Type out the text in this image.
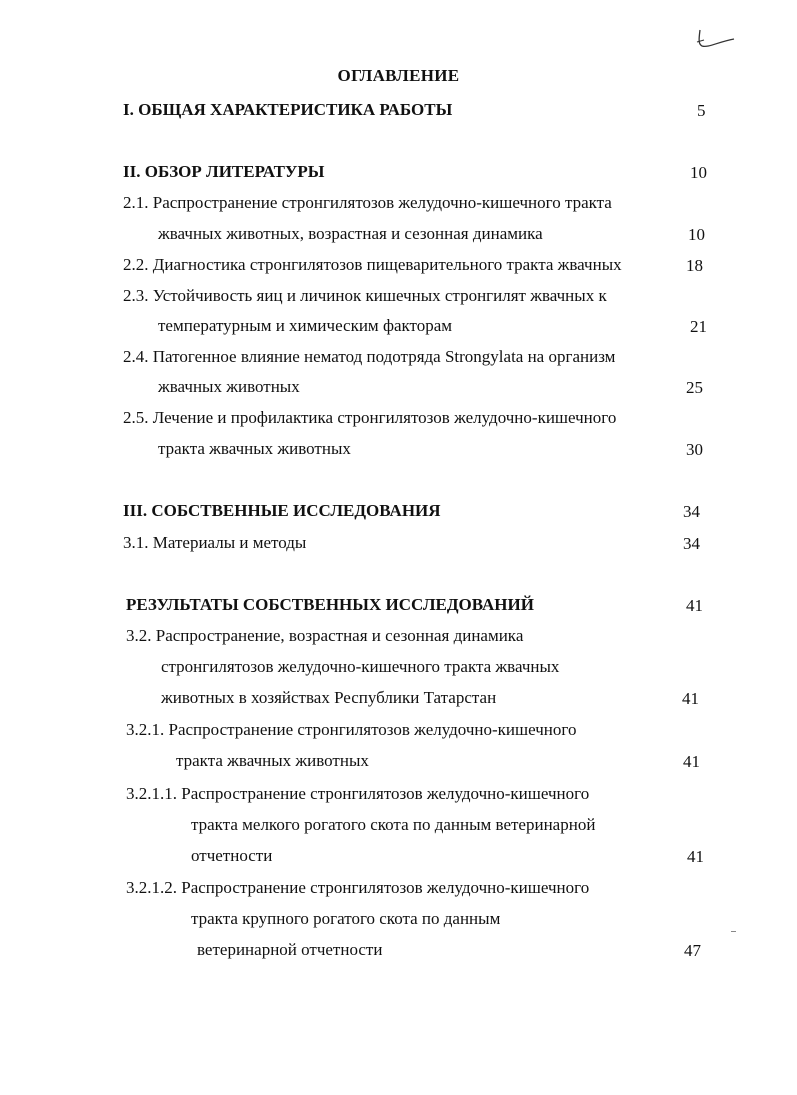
ОГЛАВЛЕНИЕ
I. ОБЩАЯ ХАРАКТЕРИСТИКА РАБОТЫ	5
II. ОБЗОР ЛИТЕРАТУРЫ	10
2.1. Распространение стронгилятозов желудочно-кишечного тракта
жвачных животных, возрастная и сезонная динамика	10
2.2. Диагностика стронгилятозов пищеварительного тракта жвачных	18
2.3. Устойчивость яиц и личинок кишечных стронгилят жвачных к
температурным и химическим факторам	21
2.4. Патогенное влияние нематод подотряда Strongylata на организм
жвачных животных	25
2.5. Лечение и профилактика стронгилятозов желудочно-кишечного
тракта жвачных животных	30
III. СОБСТВЕННЫЕ ИССЛЕДОВАНИЯ	34
3.1. Материалы и методы	34
РЕЗУЛЬТАТЫ СОБСТВЕННЫХ ИССЛЕДОВАНИЙ	41
3.2. Распространение, возрастная и сезонная динамика
стронгилятозов желудочно-кишечного тракта жвачных
животных в хозяйствах Республики Татарстан	41
3.2.1. Распространение стронгилятозов желудочно-кишечного
тракта жвачных животных	41
3.2.1.1. Распространение стронгилятозов желудочно-кишечного
тракта мелкого рогатого скота по данным ветеринарной
отчетности	41
3.2.1.2. Распространение стронгилятозов желудочно-кишечного
тракта крупного рогатого скота по данным
ветеринарной отчетности	47
